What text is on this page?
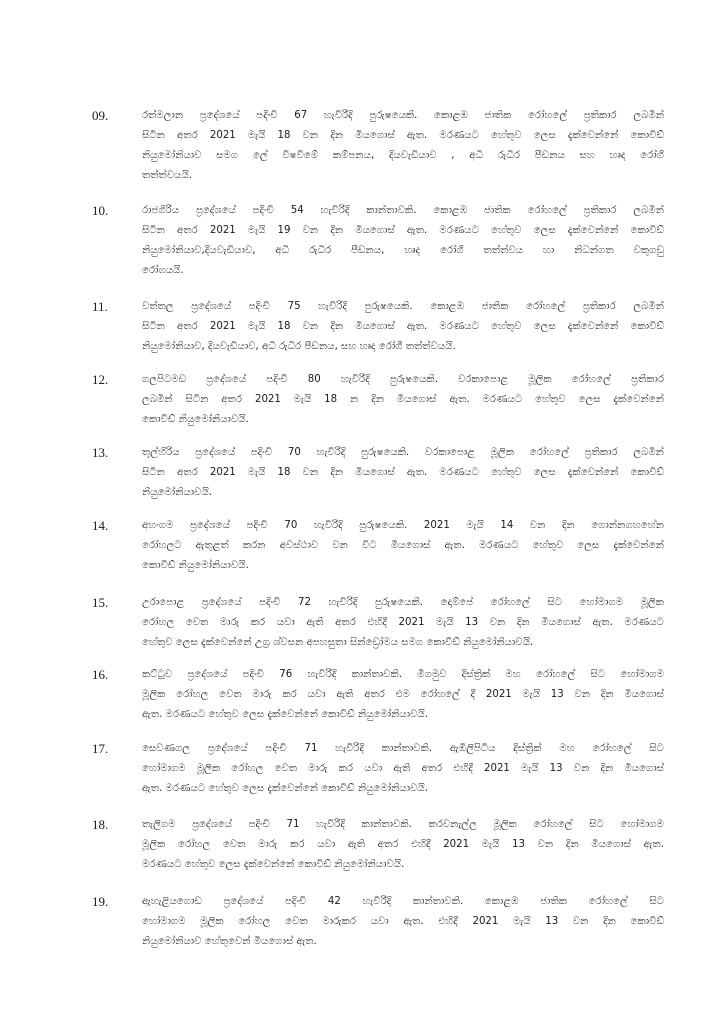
09.	රත්මලාන ප්‍රදේශයේ පදිංචි 67 හැවිරිදි පුරුෂයෙකි. කොළඹ ජාතික රෝහලේ ප්‍රතිකාර ලබමින්
සිටින අතර 2021 මැයි 18 වන දින මියගොස් ඇත. මරණයට හේතුව ලෙස දැක්වෙන්නේ කොවිඩ්
නියුමෝනියාව සමග ලේ විෂවීමේ කම්පනය, දියවැඩියාව , අධි රුධිර පීඩනය සහ හෘද රෝගී
තත්ත්වයයි.
10.	රාජගිරිය ප්‍රදේශයේ පදිංචි 54 හැවිරිදි කාන්තාවකි. කොළඹ ජාතික රෝහලේ ප්‍රතිකාර ලබමින්
සිටින අතර 2021 මැයි 19 වන දින මියගොස් ඇත. මරණයට හේතුව ලෙස දැක්වෙන්නේ කොවිඩ්
නියුමෝනියාව,දියවැඩියාව, අධි රුධිර පීඩනය, හෘද රෝගී තත්ත්වය හා නිධන්ගත වකුගඩු
රෝගයයි.
11.	වත්තල ප්‍රදේශයේ පදිංචි 75 හැවිරිදි පුරුෂයෙකි. කොළඹ ජාතික රෝහලේ ප්‍රතිකාර ලබමින්
සිටින අතර 2021 මැයි 18 වන දින මියගොස් ඇත. මරණයට හේතුව ලෙස දැක්වෙන්නේ කොවිඩ්
නියුමෝනියාව, දියවැඩියාව, අධි රුධිර පීඩනය, සහ හෘද රෝගී තත්ත්වයයි.
12.	ගලපිටමඩ ප්‍රදේශයේ පදිංචි 80 හැවිරිදි පුරුෂයෙකි. වරකාපොළ මූලික රෝහලේ ප්‍රතිකාර
ලබමින් සිටින අතර 2021 මැයි 18 න දින මියගොස් ඇත. මරණයට හේතුව ලෙස දැක්වෙන්නේ
කොවිඩ් නියුමෝනියාවයි.
13.	තුල්හිරිය ප්‍රදේශයේ පදිංචි 70 හැවිරිදි පුරුෂයෙකි. වරකාපොළ මූලික රෝහලේ ප්‍රතිකාර ලබමින්
සිටින අතර 2021 මැයි 18 වන දින මියගොස් ඇත. මරණයට හේතුව ලෙස දැක්වෙන්නේ කොවිඩ්
නියුමෝනියාවයි.
14.	අහංගම ප්‍රදේශයේ පදිංචි 70 හැවිරිදි පුරුෂයෙකි. 2021 මැයි 14 වන දින ගොන්නගහහේන
රෝහලට ඇතුළත් කරන අවස්ථාව වන විට මියගොස් ඇත. මරණයට හේතුව ලෙස දැක්වෙන්නේ
කොවිඩ් නියුමෝනියාවයි.
15.	උරාපොළ ප්‍රදේශයේ පදිංචි 72 හැවිරිදි පුරුෂයෙකි. දොම්පේ රෝහලේ සිට හෝමාගම මූලික
රෝහල වෙත මාරු කර යවා ඇති අතර එහිදී 2021 මැයි 13 වන දින මියගොස් ඇත. මරණයට
හේතුව ලෙස දැක්වෙන්නේ උග්‍ර ශ්වසන අපහසුතා සින්ඩ්‍රෝමය සමග කොවිඩ් නියුමෝනියාවයි.
16.	කට්ටුව ප්‍රදේශයේ පදිංචි 76 හැවිරිදි කාන්තාවකි. මීගමුව දිස්ත්‍රික් මහ රෝහලේ සිට හෝමාගම
මූලික රෝහල වෙත මාරු කර යවා ඇති අතර එම රෝහලේ දී 2021 මැයි 13 වන දින මියගොස්
ඇත. මරණයට හේතුව ලෙස දැක්වෙන්නේ කොවිඩ් නියුමෝනියාවයි.
17.	සෙවණගල ප්‍රදේශයේ පදිංචි 71 හැවිරිදි කාන්තාවකි. ඇඹිලිපිටිය දිස්ත්‍රික් මහ රෝහලේ සිට
හෝමාගම මූලික රෝහල වෙත මාරු කර යවා ඇති අතර එහිදී 2021 මැයි 13 වන දින මියගොස්
ඇත. මරණයට හේතුව ලෙස දැක්වෙන්නේ කොවිඩ් නියුමෝනියාවයි.
18.	තැලිගම ප්‍රදේශයේ පදිංචි 71 හැවිරිදි කාන්තාවකි. කරවනැල්ල මූලික රෝහලේ සිට හෝමාගම
මූලික රෝහල වෙත මාරු කර යවා ඇති අතර එහිදී 2021 මැයි 13 වන දින මියගොස් ඇත.
මරණයට හේතුව ලෙස දැක්වෙන්නේ කොවිඩ් නියුමෝනියාවයි.
19.	ඇහැළියගොඩ ප්‍රදේශයේ පදිංචි 42 හැවිරිදි කාන්තාවකි. කොළඹ ජාතික රෝහලේ සිට
හෝමාගම මූලික රෝහල වෙත මාරුකර යවා ඇත. එහිදී 2021 මැයි 13 වන දින කොවිඩ්
නියුමෝනියාව හේතුවෙන් මියගොස් ඇත.
